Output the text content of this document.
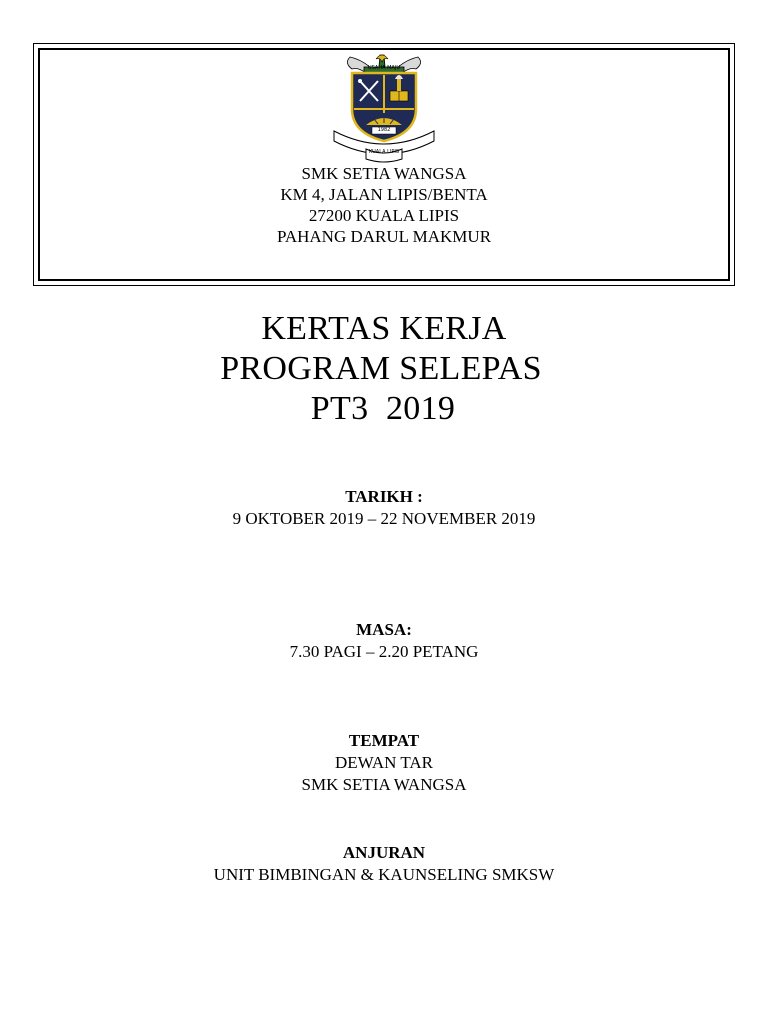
USAHA MAJU
1982
KUALA LIPIS
SMK SETIA WANGSA
KM 4, JALAN LIPIS/BENTA
27200 KUALA LIPIS
PAHANG DARUL MAKMUR
KERTAS KERJA
PROGRAM SELEPAS
PT3  2019
TARIKH :
9 OKTOBER 2019 – 22 NOVEMBER 2019
MASA:
7.30 PAGI – 2.20 PETANG
TEMPAT
DEWAN TAR
SMK SETIA WANGSA
ANJURAN
UNIT BIMBINGAN & KAUNSELING SMKSW
